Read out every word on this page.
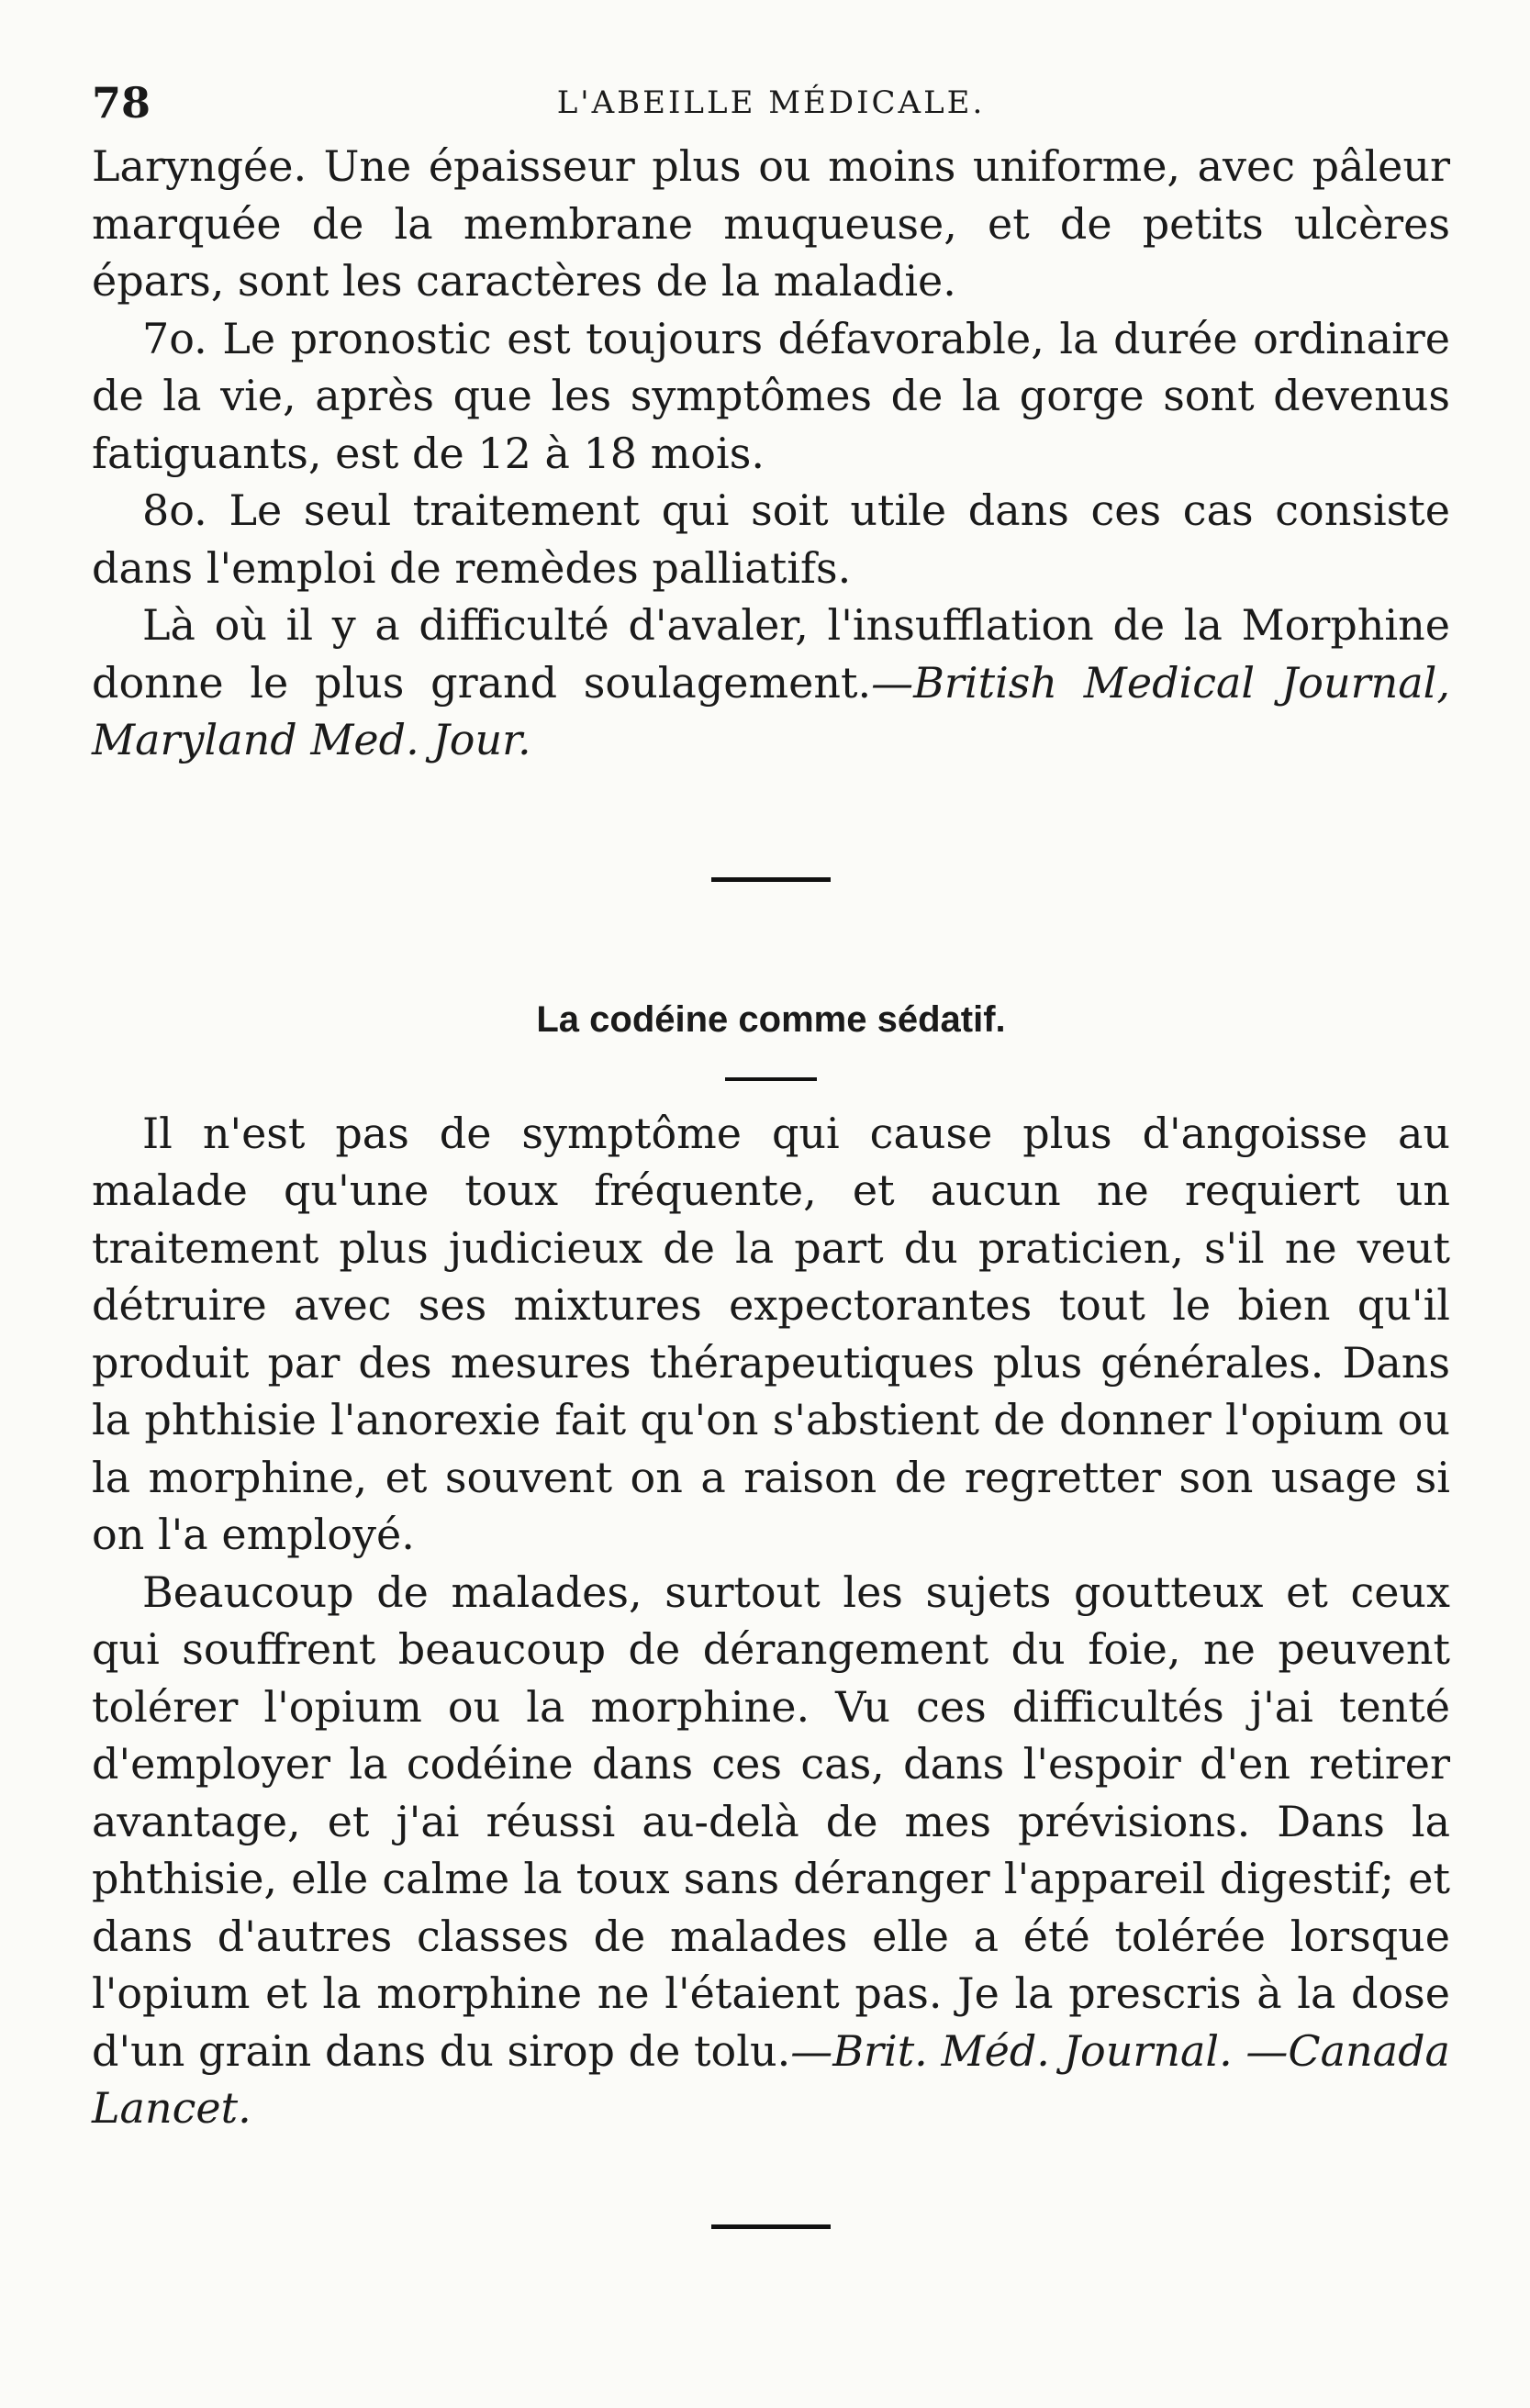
78	L'ABEILLE MÉDICALE.

Laryngée. Une épaisseur plus ou moins uniforme, avec pâleur marquée de la membrane muqueuse, et de petits ulcères épars, sont les caractères de la maladie.

7o. Le pronostic est toujours défavorable, la durée ordinaire de la vie, après que les symptômes de la gorge sont devenus fatiguants, est de 12 à 18 mois.

8o. Le seul traitement qui soit utile dans ces cas consiste dans l'emploi de remèdes palliatifs.

Là où il y a difficulté d'avaler, l'insufflation de la Morphine donne le plus grand soulagement.—British Medical Journal, Maryland Med. Jour.

La codéine comme sédatif.

Il n'est pas de symptôme qui cause plus d'angoisse au malade qu'une toux fréquente, et aucun ne requiert un traitement plus judicieux de la part du praticien, s'il ne veut détruire avec ses mixtures expectorantes tout le bien qu'il produit par des mesures thérapeutiques plus générales. Dans la phthisie l'anorexie fait qu'on s'abstient de donner l'opium ou la morphine, et souvent on a raison de regretter son usage si on l'a employé.

Beaucoup de malades, surtout les sujets goutteux et ceux qui souffrent beaucoup de dérangement du foie, ne peuvent tolérer l'opium ou la morphine. Vu ces difficultés j'ai tenté d'employer la codéine dans ces cas, dans l'espoir d'en retirer avantage, et j'ai réussi au-delà de mes prévisions. Dans la phthisie, elle calme la toux sans déranger l'appareil digestif; et dans d'autres classes de malades elle a été tolérée lorsque l'opium et la morphine ne l'étaient pas. Je la prescris à la dose d'un grain dans du sirop de tolu.—Brit. Méd. Journal. —Canada Lancet.
